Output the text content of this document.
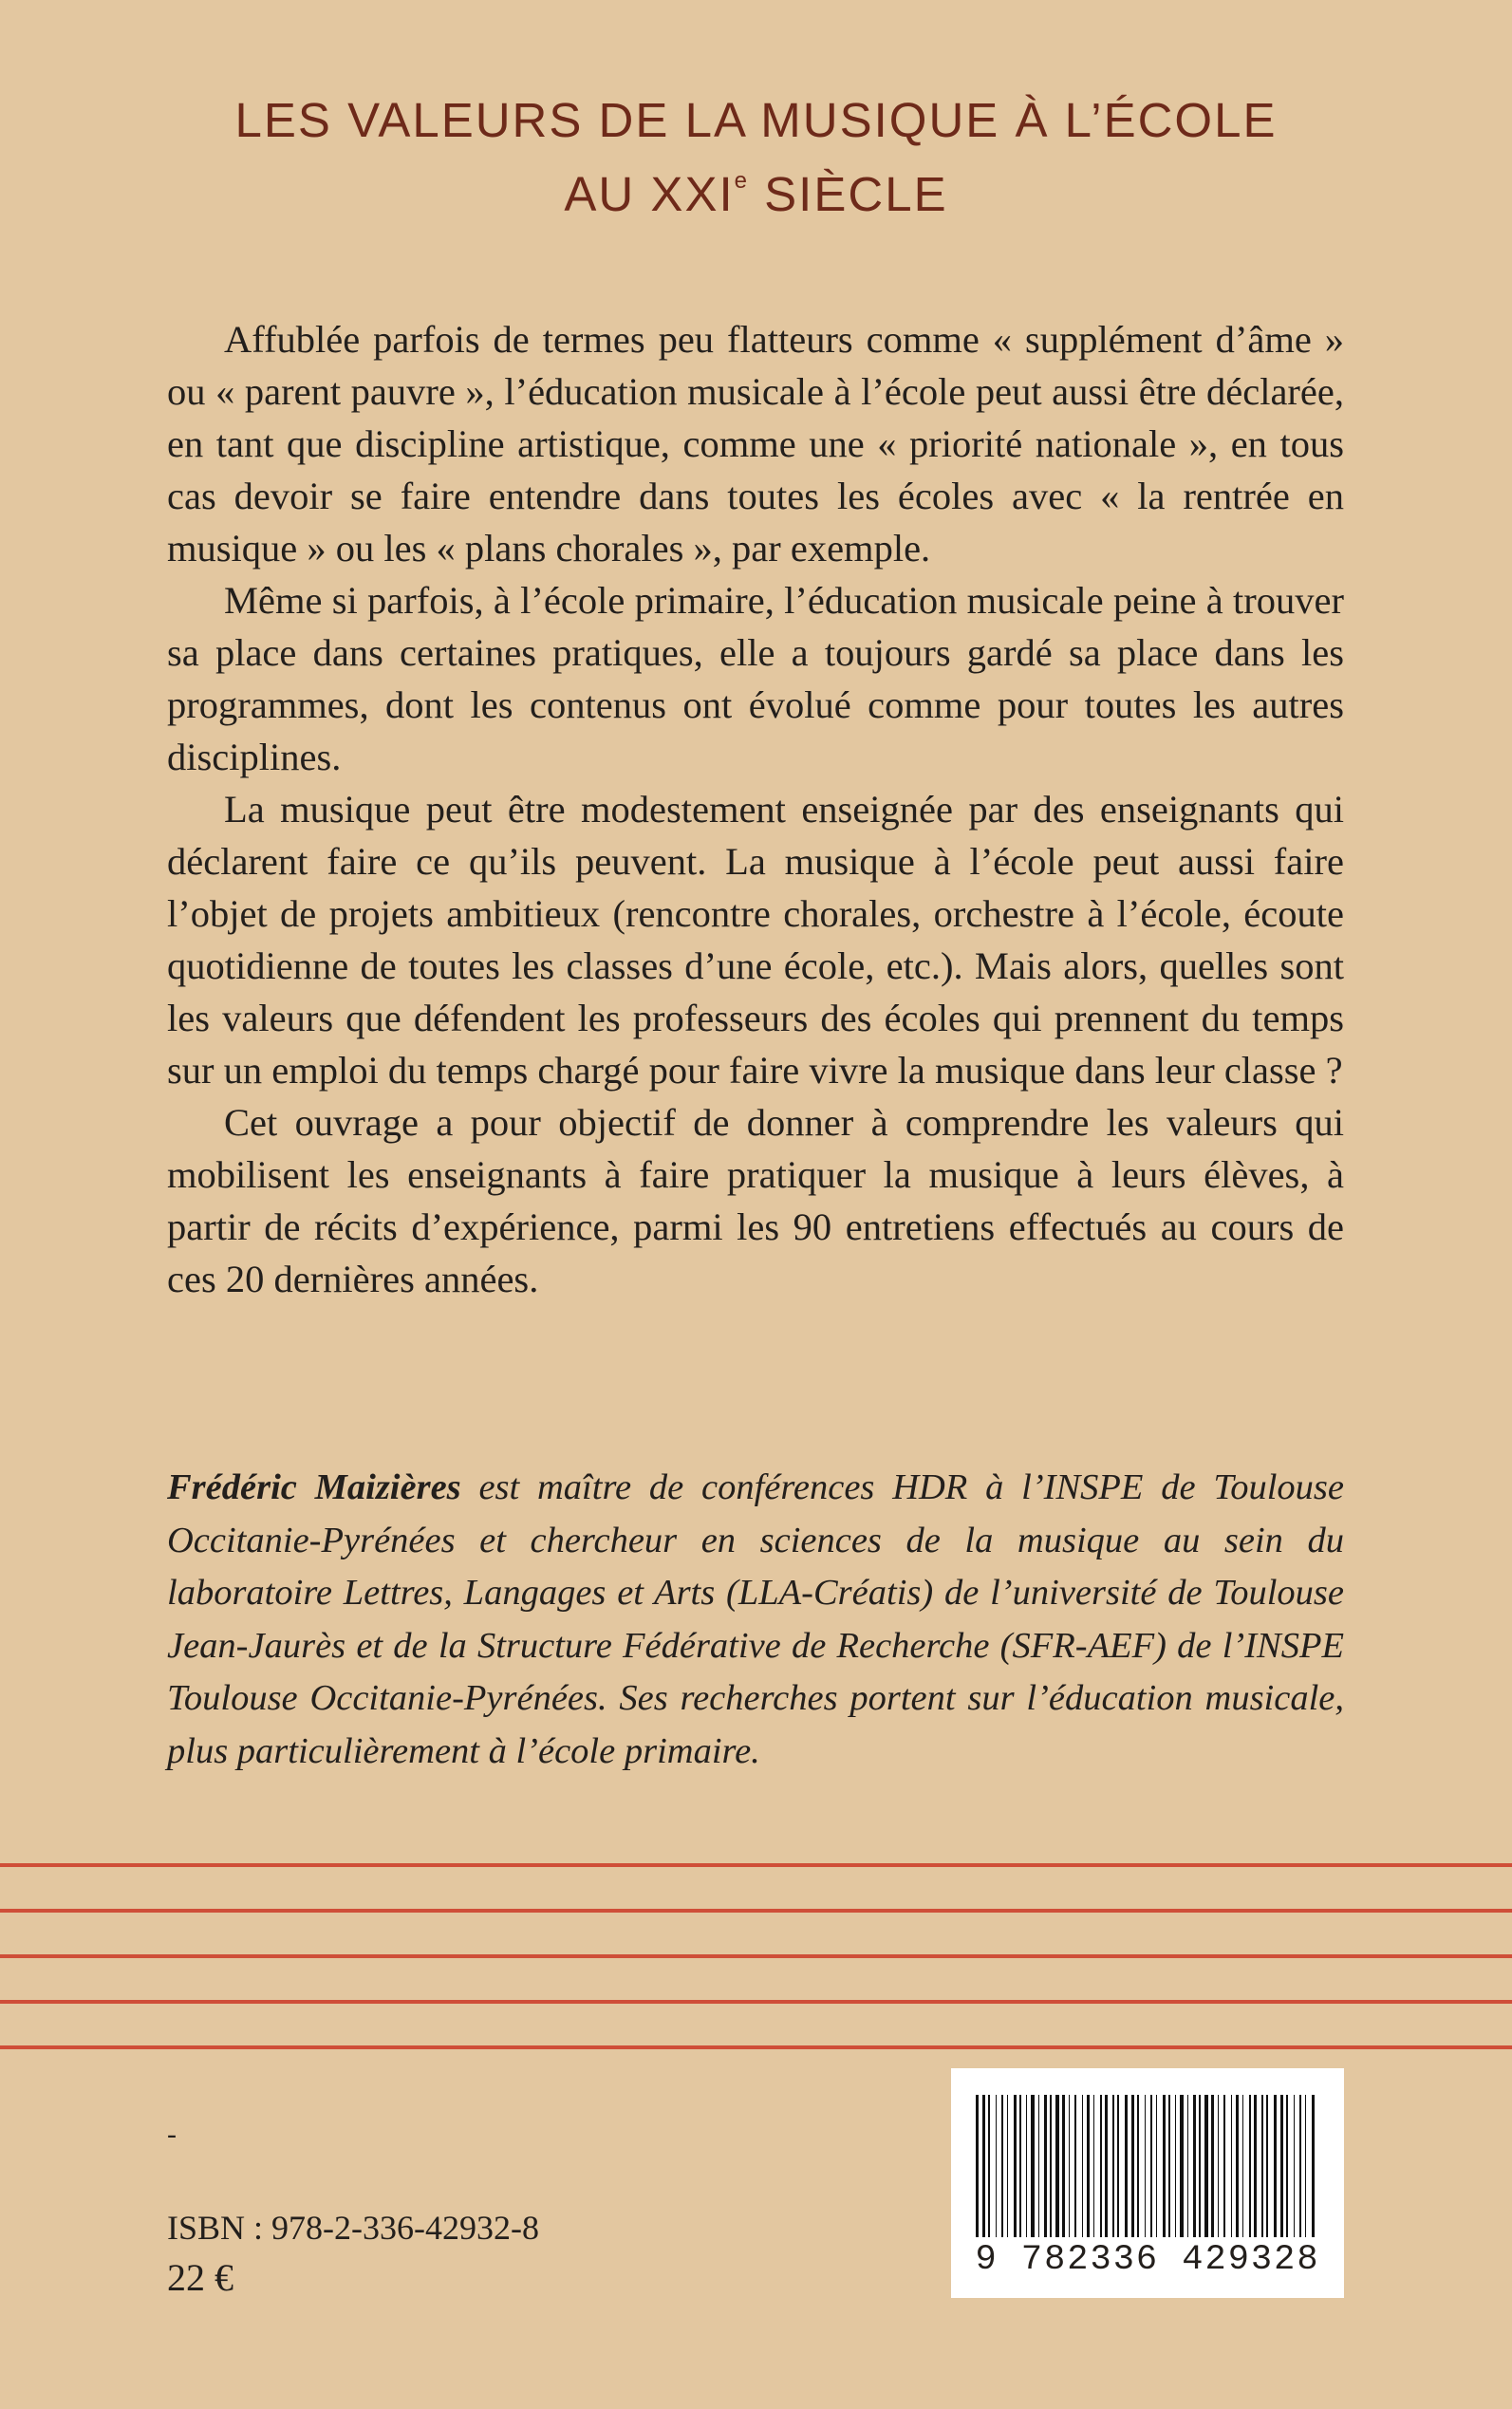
LES VALEURS DE LA MUSIQUE À L’ÉCOLE
AU XXIe SIÈCLE

Affublée parfois de termes peu flatteurs comme « supplément d’âme » ou « parent pauvre », l’éducation musicale à l’école peut aussi être déclarée, en tant que discipline artistique, comme une « priorité nationale », en tous cas devoir se faire entendre dans toutes les écoles avec « la rentrée en musique » ou les « plans chorales », par exemple.

Même si parfois, à l’école primaire, l’éducation musicale peine à trouver sa place dans certaines pratiques, elle a toujours gardé sa place dans les programmes, dont les contenus ont évolué comme pour toutes les autres disciplines.

La musique peut être modestement enseignée par des enseignants qui déclarent faire ce qu’ils peuvent. La musique à l’école peut aussi faire l’objet de projets ambitieux (rencontre chorales, orchestre à l’école, écoute quotidienne de toutes les classes d’une école, etc.). Mais alors, quelles sont les valeurs que défendent les professeurs des écoles qui prennent du temps sur un emploi du temps chargé pour faire vivre la musique dans leur classe ?

Cet ouvrage a pour objectif de donner à comprendre les valeurs qui mobilisent les enseignants à faire pratiquer la musique à leurs élèves, à partir de récits d’expérience, parmi les 90 entretiens effectués au cours de ces 20 dernières années.

Frédéric Maizières est maître de conférences HDR à l’INSPE de Toulouse Occitanie-Pyrénées et chercheur en sciences de la musique au sein du laboratoire Lettres, Langages et Arts (LLA-Créatis) de l’université de Toulouse Jean-Jaurès et de la Structure Fédérative de Recherche (SFR-AEF) de l’INSPE Toulouse Occitanie-Pyrénées. Ses recherches portent sur l’éducation musicale, plus particulièrement à l’école primaire.
-
ISBN : 978-2-336-42932-8
22 €	9 782336 429328
